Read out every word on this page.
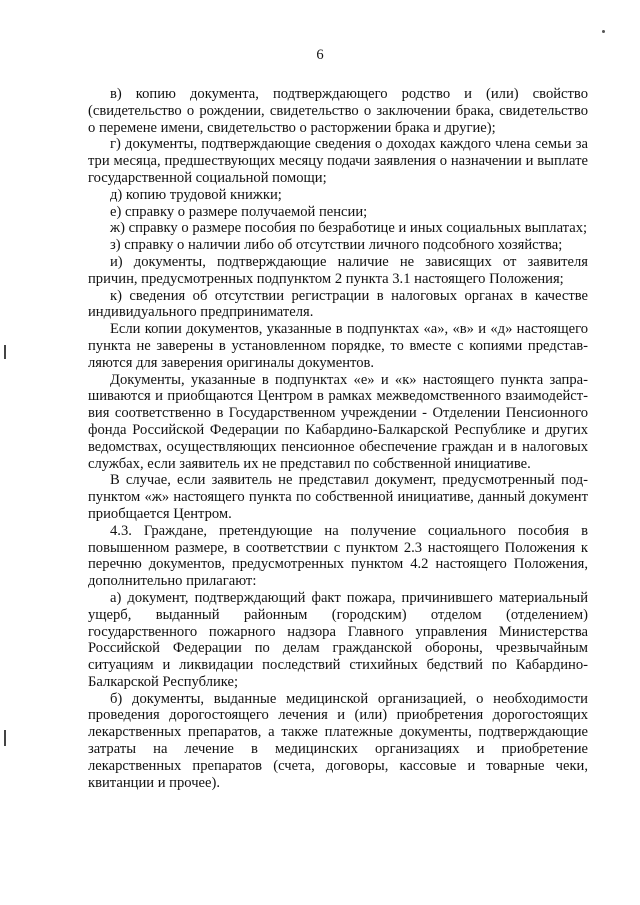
6

в) копию документа, подтверждающего родство и (или) свойство (свидетельство о рождении, свидетельство о заключении брака, свидетельство о перемене имени, свидетельство о расторжении брака и другие);

г) документы, подтверждающие сведения о доходах каждого члена семьи за три месяца, предшествующих месяцу подачи заявления о назначении и выплате государственной социальной помощи;

д) копию трудовой книжки;

е) справку о размере получаемой пенсии;

ж) справку о размере пособия по безработице и иных социальных выплатах;

з) справку о наличии либо об отсутствии личного подсобного хозяйства;

и) документы, подтверждающие наличие не зависящих от заявителя причин, предусмотренных подпунктом 2 пункта 3.1 настоящего Положения;

к) сведения об отсутствии регистрации в налоговых органах в качестве индивидуального предпринимателя.

Если копии документов, указанные в подпунктах «а», «в» и «д» настоящего пункта не заверены в установленном порядке, то вместе с копиями представляются для заверения оригиналы документов.

Документы, указанные в подпунктах «е» и «к» настоящего пункта запрашиваются и приобщаются Центром в рамках межведомственного взаимодействия соответственно в Государственном учреждении - Отделении Пенсионного фонда Российской Федерации по Кабардино-Балкарской Республике и других ведомствах, осуществляющих пенсионное обеспечение граждан и в налоговых службах, если заявитель их не представил по собственной инициативе.

В случае, если заявитель не представил документ, предусмотренный подпунктом «ж» настоящего пункта по собственной инициативе, данный документ приобщается Центром.

4.3. Граждане, претендующие на получение социального пособия в повышенном размере, в соответствии с пунктом 2.3 настоящего Положения к перечню документов, предусмотренных пунктом 4.2 настоящего Положения, дополнительно прилагают:

а) документ, подтверждающий факт пожара, причинившего материальный ущерб, выданный районным (городским) отделом (отделением) государственного пожарного надзора Главного управления Министерства Российской Федерации по делам гражданской обороны, чрезвычайным ситуациям и ликвидации последствий стихийных бедствий по Кабардино-Балкарской Республике;

б) документы, выданные медицинской организацией, о необходимости проведения дорогостоящего лечения и (или) приобретения дорогостоящих лекарственных препаратов, а также платежные документы, подтверждающие затраты на лечение в медицинских организациях и приобретение лекарственных препаратов (счета, договоры, кассовые и товарные чеки, квитанции и прочее).
